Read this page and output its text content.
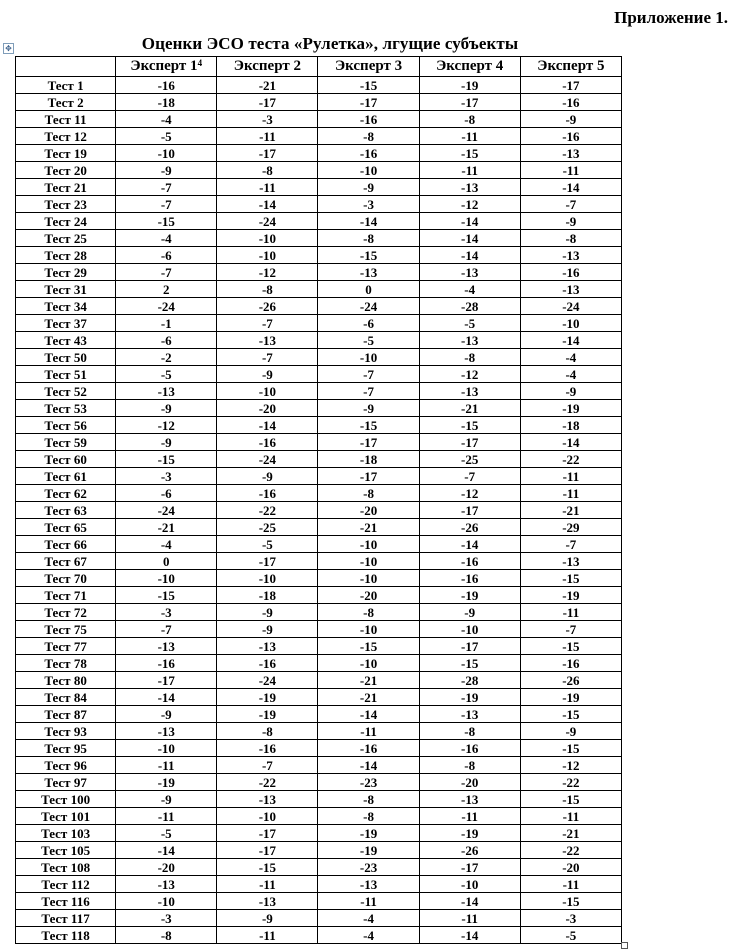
Приложение 1.
Оценки ЭСО теста «Рулетка», лгущие субъекты
✥
	Эксперт $1^4$	Эксперт 2	Эксперт 3	Эксперт 4	Эксперт 5
Тест 1	-16	-21	-15	-19	-17
Тест 2	-18	-17	-17	-17	-16
Тест 11	-4	-3	-16	-8	-9
Тест 12	-5	-11	-8	-11	-16
Тест 19	-10	-17	-16	-15	-13
Тест 20	-9	-8	-10	-11	-11
Тест 21	-7	-11	-9	-13	-14
Тест 23	-7	-14	-3	-12	-7
Тест 24	-15	-24	-14	-14	-9
Тест 25	-4	-10	-8	-14	-8
Тест 28	-6	-10	-15	-14	-13
Тест 29	-7	-12	-13	-13	-16
Тест 31	2	-8	0	-4	-13
Тест 34	-24	-26	-24	-28	-24
Тест 37	-1	-7	-6	-5	-10
Тест 43	-6	-13	-5	-13	-14
Тест 50	-2	-7	-10	-8	-4
Тест 51	-5	-9	-7	-12	-4
Тест 52	-13	-10	-7	-13	-9
Тест 53	-9	-20	-9	-21	-19
Тест 56	-12	-14	-15	-15	-18
Тест 59	-9	-16	-17	-17	-14
Тест 60	-15	-24	-18	-25	-22
Тест 61	-3	-9	-17	-7	-11
Тест 62	-6	-16	-8	-12	-11
Тест 63	-24	-22	-20	-17	-21
Тест 65	-21	-25	-21	-26	-29
Тест 66	-4	-5	-10	-14	-7
Тест 67	0	-17	-10	-16	-13
Тест 70	-10	-10	-10	-16	-15
Тест 71	-15	-18	-20	-19	-19
Тест 72	-3	-9	-8	-9	-11
Тест 75	-7	-9	-10	-10	-7
Тест 77	-13	-13	-15	-17	-15
Тест 78	-16	-16	-10	-15	-16
Тест 80	-17	-24	-21	-28	-26
Тест 84	-14	-19	-21	-19	-19
Тест 87	-9	-19	-14	-13	-15
Тест 93	-13	-8	-11	-8	-9
Тест 95	-10	-16	-16	-16	-15
Тест 96	-11	-7	-14	-8	-12
Тест 97	-19	-22	-23	-20	-22
Тест 100	-9	-13	-8	-13	-15
Тест 101	-11	-10	-8	-11	-11
Тест 103	-5	-17	-19	-19	-21
Тест 105	-14	-17	-19	-26	-22
Тест 108	-20	-15	-23	-17	-20
Тест 112	-13	-11	-13	-10	-11
Тест 116	-10	-13	-11	-14	-15
Тест 117	-3	-9	-4	-11	-3
Тест 118	-8	-11	-4	-14	-5
